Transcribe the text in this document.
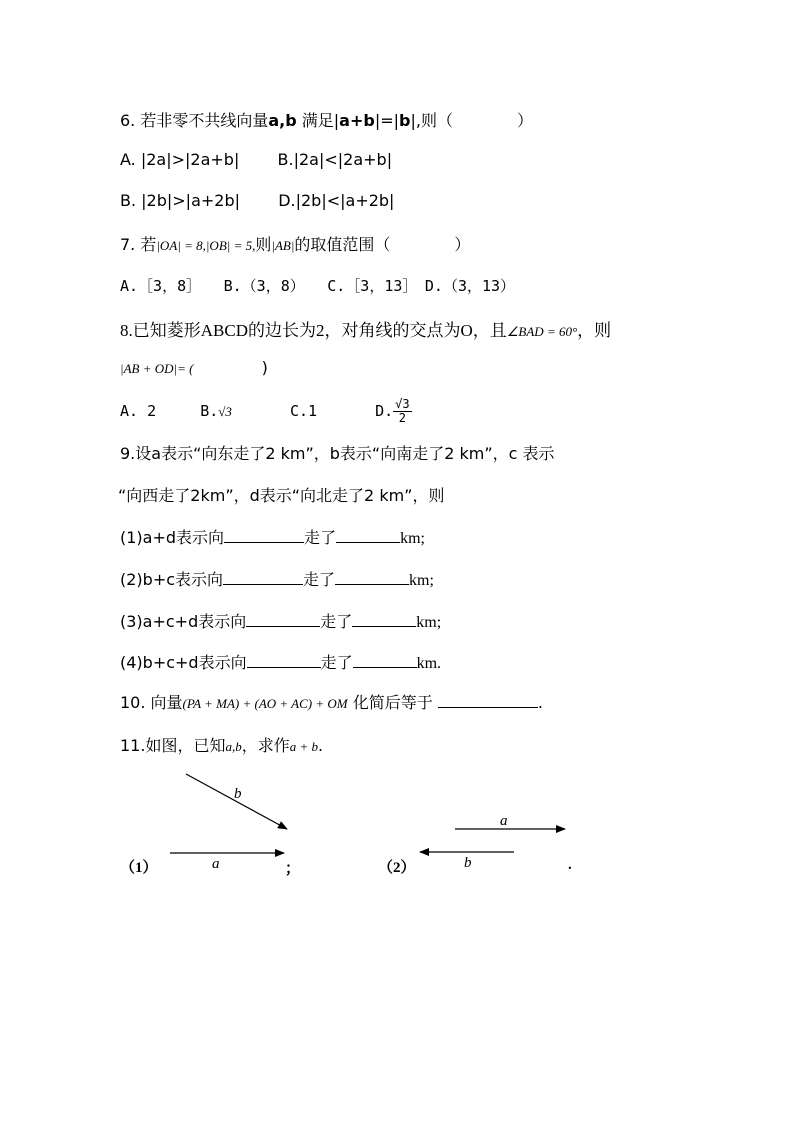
6. 若非零不共线向量a,b 满足|a+b|=|b|,则（　　　　）
A. |2a|>|2a+b| B.|2a|<|2a+b|
B. |2b|>|a+2b| D.|2b|<|a+2b|
7. 若|OA| = 8,|OB| = 5,则|AB|的取值范围（　　　　）
A.［3，8］　　B.（3，8）　　C.［3，13］　D.（3，13）
8.已知菱形ABCD的边长为2，对角线的交点为O，且∠BAD = 60°，则
|AB + OD|= (	)
A. 2	B.√3	C.1	D. $\frac{√3}{2}$
9.设a表示“向东走了2 km”，b表示“向南走了2 km”，c 表示
“向西走了2km”，d表示“向北走了2 km”，则
(1)a+d表示向	走了	km;
(2)b+c表示向	走了	km;
(3)a+c+d表示向	走了	km;
(4)b+c+d表示向	走了	km.
10. 向量(PA + MA) + (AO + AC) + OM 化简后等于	.
11.如图，已知a,b，求作a + b.
b
a
（1）	；
a
b
（2）	.
